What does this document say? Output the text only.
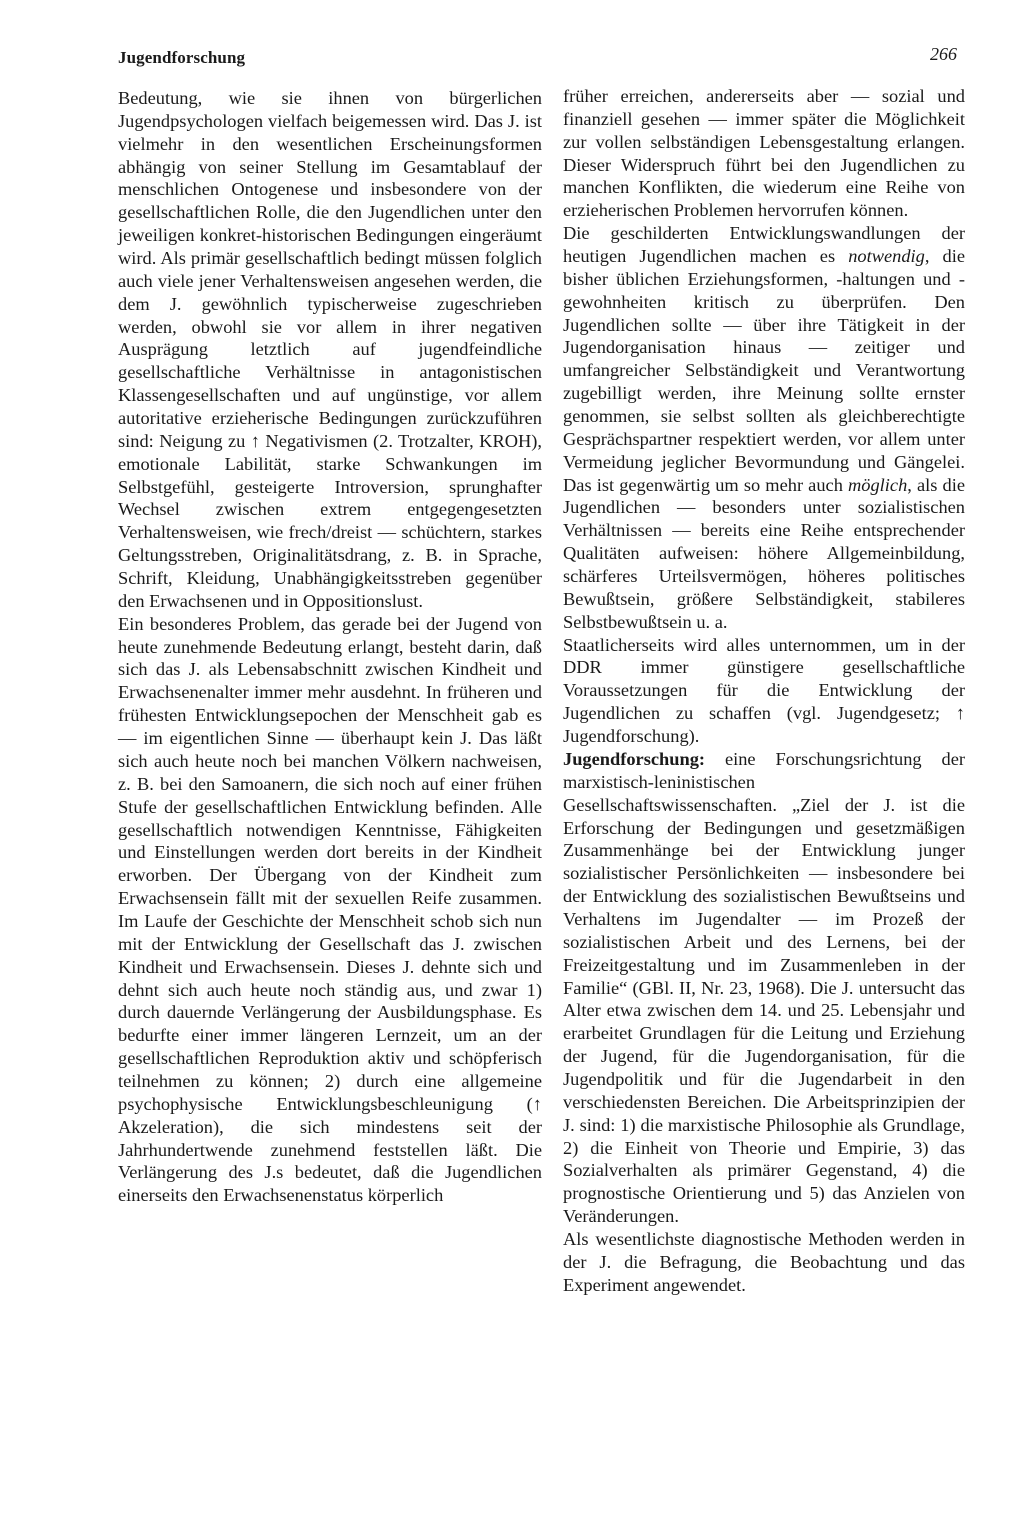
Jugendforschung	266

Bedeutung, wie sie ihnen von bürgerlichen Jugendpsychologen vielfach beigemessen wird. Das J. ist vielmehr in den wesentlichen Erscheinungsformen abhängig von seiner Stellung im Gesamtablauf der menschlichen Ontogenese und insbesondere von der gesellschaftlichen Rolle, die den Jugendlichen unter den jeweiligen konkret-historischen Bedingungen eingeräumt wird. Als primär gesellschaftlich bedingt müssen folglich auch viele jener Verhaltensweisen angesehen werden, die dem J. gewöhnlich typischerweise zugeschrieben werden, obwohl sie vor allem in ihrer negativen Ausprägung letztlich auf jugendfeindliche gesellschaftliche Verhältnisse in antagonistischen Klassengesellschaften und auf ungünstige, vor allem autoritative erzieherische Bedingungen zurückzuführen sind: Neigung zu ↑ Negativismen (2. Trotzalter, KROH), emotionale Labilität, starke Schwankungen im Selbstgefühl, gesteigerte Introversion, sprunghafter Wechsel zwischen extrem entgegengesetzten Verhaltensweisen, wie frech/dreist — schüchtern, starkes Geltungsstreben, Originalitätsdrang, z. B. in Sprache, Schrift, Kleidung, Unabhängigkeitsstreben gegenüber den Erwachsenen und in Oppositionslust.

Ein besonderes Problem, das gerade bei der Jugend von heute zunehmende Bedeutung erlangt, besteht darin, daß sich das J. als Lebensabschnitt zwischen Kindheit und Erwachsenenalter immer mehr ausdehnt. In früheren und frühesten Entwicklungsepochen der Menschheit gab es — im eigentlichen Sinne — überhaupt kein J. Das läßt sich auch heute noch bei manchen Völkern nachweisen, z. B. bei den Samoanern, die sich noch auf einer frühen Stufe der gesellschaftlichen Entwicklung befinden. Alle gesellschaftlich notwendigen Kenntnisse, Fähigkeiten und Einstellungen werden dort bereits in der Kindheit erworben. Der Übergang von der Kindheit zum Erwachsensein fällt mit der sexuellen Reife zusammen. Im Laufe der Geschichte der Menschheit schob sich nun mit der Entwicklung der Gesellschaft das J. zwischen Kindheit und Erwachsensein. Dieses J. dehnte sich und dehnt sich auch heute noch ständig aus, und zwar 1) durch dauernde Verlängerung der Ausbildungsphase. Es bedurfte einer immer längeren Lernzeit, um an der gesellschaftlichen Reproduktion aktiv und schöpferisch teilnehmen zu können; 2) durch eine allgemeine psychophysische Entwicklungsbeschleunigung (↑ Akzeleration), die sich mindestens seit der Jahrhundertwende zunehmend feststellen läßt. Die Verlängerung des J.s bedeutet, daß die Jugendlichen einerseits den Erwachsenenstatus körperlich

früher erreichen, andererseits aber — sozial und finanziell gesehen — immer später die Möglichkeit zur vollen selbständigen Lebensgestaltung erlangen. Dieser Widerspruch führt bei den Jugendlichen zu manchen Konflikten, die wiederum eine Reihe von erzieherischen Problemen hervorrufen können.

Die geschilderten Entwicklungswandlungen der heutigen Jugendlichen machen es notwendig, die bisher üblichen Erziehungsformen, -haltungen und -gewohnheiten kritisch zu überprüfen. Den Jugendlichen sollte — über ihre Tätigkeit in der Jugendorganisation hinaus — zeitiger und umfangreicher Selbständigkeit und Verantwortung zugebilligt werden, ihre Meinung sollte ernster genommen, sie selbst sollten als gleichberechtigte Gesprächspartner respektiert werden, vor allem unter Vermeidung jeglicher Bevormundung und Gängelei. Das ist gegenwärtig um so mehr auch möglich, als die Jugendlichen — besonders unter sozialistischen Verhältnissen — bereits eine Reihe entsprechender Qualitäten aufweisen: höhere Allgemeinbildung, schärferes Urteilsvermögen, höheres politisches Bewußtsein, größere Selbständigkeit, stabileres Selbstbewußtsein u. a.

Staatlicherseits wird alles unternommen, um in der DDR immer günstigere gesellschaftliche Voraussetzungen für die Entwicklung der Jugendlichen zu schaffen (vgl. Jugendgesetz; ↑ Jugendforschung).

Jugendforschung: eine Forschungsrichtung der marxistisch-leninistischen Gesellschaftswissenschaften. „Ziel der J. ist die Erforschung der Bedingungen und gesetzmäßigen Zusammenhänge bei der Entwicklung junger sozialistischer Persönlichkeiten — insbesondere bei der Entwicklung des sozialistischen Bewußtseins und Verhaltens im Jugendalter — im Prozeß der sozialistischen Arbeit und des Lernens, bei der Freizeitgestaltung und im Zusammenleben in der Familie“ (GBl. II, Nr. 23, 1968). Die J. untersucht das Alter etwa zwischen dem 14. und 25. Lebensjahr und erarbeitet Grundlagen für die Leitung und Erziehung der Jugend, für die Jugendorganisation, für die Jugendpolitik und für die Jugendarbeit in den verschiedensten Bereichen. Die Arbeitsprinzipien der J. sind: 1) die marxistische Philosophie als Grundlage, 2) die Einheit von Theorie und Empirie, 3) das Sozialverhalten als primärer Gegenstand, 4) die prognostische Orientierung und 5) das Anzielen von Veränderungen.

Als wesentlichste diagnostische Methoden werden in der J. die Befragung, die Beobachtung und das Experiment angewendet.
